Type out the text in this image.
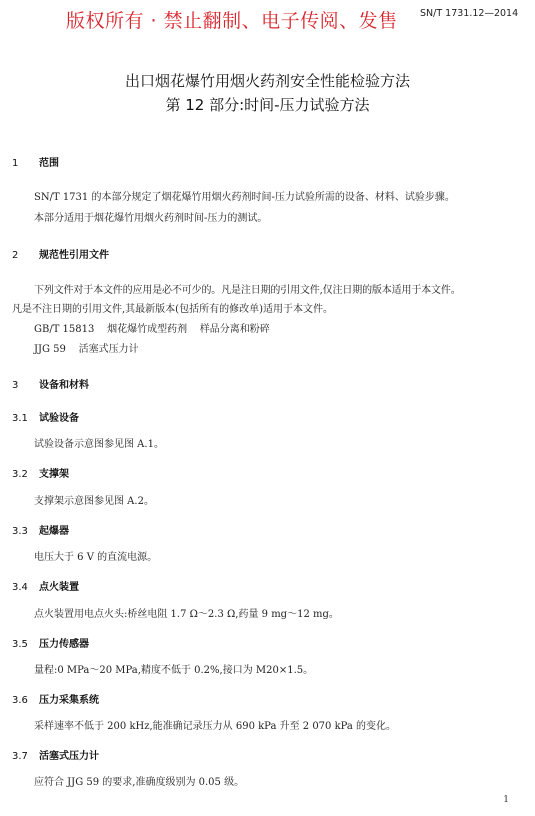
版权所有 · 禁止翻制、电子传阅、发售 SN/T 1731.12—2014
出口烟花爆竹用烟火药剂安全性能检验方法
第 12 部分:时间-压力试验方法
1 范围
SN/T 1731 的本部分规定了烟花爆竹用烟火药剂时间-压力试验所需的设备、材料、试验步骤。
本部分适用于烟花爆竹用烟火药剂时间-压力的测试。
2 规范性引用文件
下列文件对于本文件的应用是必不可少的。凡是注日期的引用文件,仅注日期的版本适用于本文件。
凡是不注日期的引用文件,其最新版本(包括所有的修改单)适用于本文件。
GB/T 15813    烟花爆竹成型药剂    样品分离和粉碎
JJG 59    活塞式压力计
3 设备和材料
3.1 试验设备
试验设备示意图参见图 A.1。
3.2 支撑架
支撑架示意图参见图 A.2。
3.3 起爆器
电压大于 6 V 的直流电源。
3.4 点火装置
点火装置用电点火头:桥丝电阻 1.7 Ω～2.3 Ω,药量 9 mg～12 mg。
3.5 压力传感器
量程:0 MPa～20 MPa,精度不低于 0.2%,接口为 M20×1.5。
3.6 压力采集系统
采样速率不低于 200 kHz,能准确记录压力从 690 kPa 升至 2 070 kPa 的变化。
3.7 活塞式压力计
应符合 JJG 59 的要求,准确度级别为 0.05 级。
1
